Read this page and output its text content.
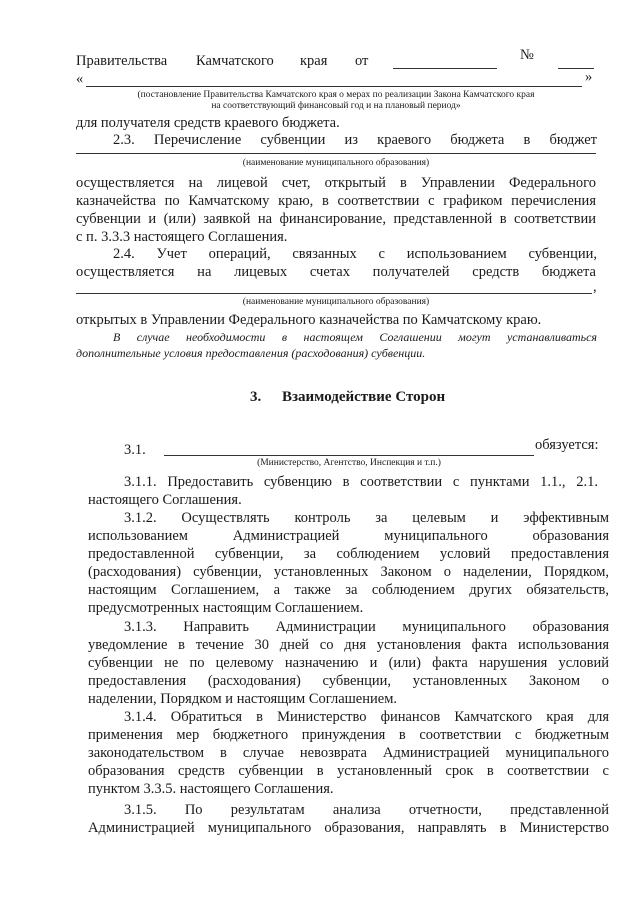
Правительства Камчатского края от	№
«	»
(постановление Правительства Камчатского края о мерах по реализации Закона Камчатского края
на соответствующий финансовый год и на плановый период»
для получателя средств краевого бюджета.
2.3. Перечисление субвенции из краевого бюджета в бюджет
(наименование муниципального образования)
осуществляется на лицевой счет, открытый в Управлении Федерального
казначейства по Камчатскому краю, в соответствии с графиком перечисления
субвенции и (или) заявкой на финансирование, представленной в соответствии
с п. 3.3.3 настоящего Соглашения.
2.4. Учет операций, связанных с использованием субвенции,
осуществляется на лицевых счетах получателей средств бюджета
,
(наименование муниципального образования)
открытых в Управлении Федерального казначейства по Камчатскому краю.
В случае необходимости в настоящем Соглашении могут устанавливаться
дополнительные условия предоставления (расходования) субвенции.
3. Взаимодействие Сторон
3.1.	обязуется:
(Министерство, Агентство, Инспекция и т.п.)
3.1.1. Предоставить субвенцию в соответствии с пунктами 1.1., 2.1.
настоящего Соглашения.
3.1.2. Осуществлять контроль за целевым и эффективным
использованием Администрацией муниципального образования
предоставленной субвенции, за соблюдением условий предоставления
(расходования) субвенции, установленных Законом о наделении, Порядком,
настоящим Соглашением, а также за соблюдением других обязательств,
предусмотренных настоящим Соглашением.
3.1.3. Направить Администрации муниципального образования
уведомление в течение 30 дней со дня установления факта использования
субвенции не по целевому назначению и (или) факта нарушения условий
предоставления (расходования) субвенции, установленных Законом о
наделении, Порядком и настоящим Соглашением.
3.1.4. Обратиться в Министерство финансов Камчатского края для
применения мер бюджетного принуждения в соответствии с бюджетным
законодательством в случае невозврата Администрацией муниципального
образования средств субвенции в установленный срок в соответствии с
пунктом 3.3.5. настоящего Соглашения.
3.1.5. По результатам анализа отчетности, представленной
Администрацией муниципального образования, направлять в Министерство
